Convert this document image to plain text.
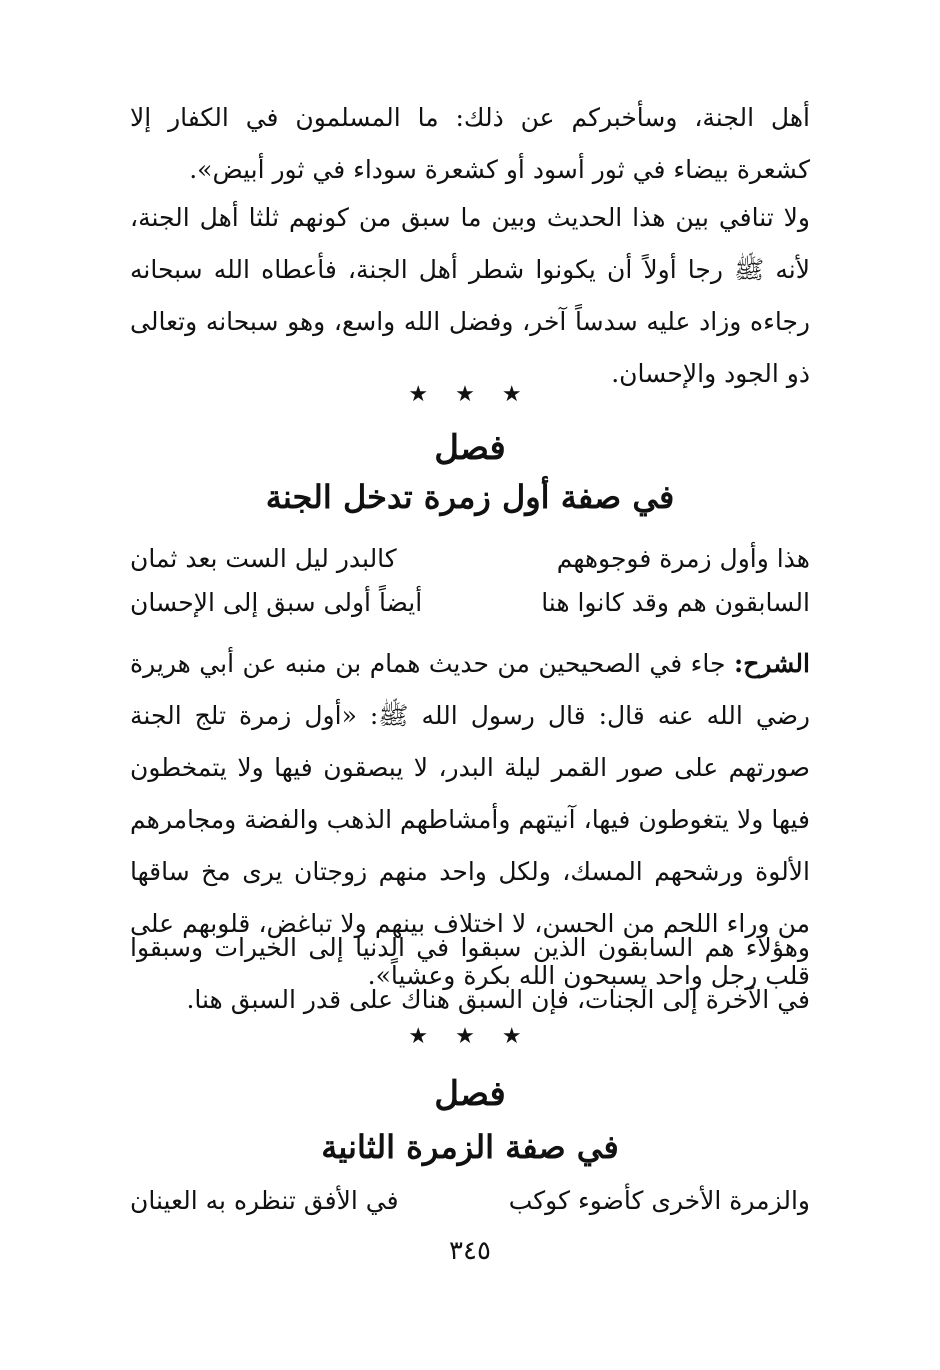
أهل الجنة، وسأخبركم عن ذلك: ما المسلمون في الكفار إلا كشعرة بيضاء في ثور أسود أو كشعرة سوداء في ثور أبيض».

ولا تنافي بين هذا الحديث وبين ما سبق من كونهم ثلثا أهل الجنة، لأنه ﷺ رجا أولاً أن يكونوا شطر أهل الجنة، فأعطاه الله سبحانه رجاءه وزاد عليه سدساً آخر، وفضل الله واسع، وهو سبحانه وتعالى ذو الجود والإحسان.

★ ★ ★

فصل
في صفة أول زمرة تدخل الجنة
هذا وأول زمرة فوجوههم
كالبدر ليل الست بعد ثمان
السابقون هم وقد كانوا هنا
أيضاً أولى سبق إلى الإحسان

الشرح: جاء في الصحيحين من حديث همام بن منبه عن أبي هريرة رضي الله عنه قال: قال رسول الله ﷺ: «أول زمرة تلج الجنة صورتهم على صور القمر ليلة البدر، لا يبصقون فيها ولا يتمخطون فيها ولا يتغوطون فيها، آنيتهم وأمشاطهم الذهب والفضة ومجامرهم الألوة ورشحهم المسك، ولكل واحد منهم زوجتان يرى مخ ساقها من وراء اللحم من الحسن، لا اختلاف بينهم ولا تباغض، قلوبهم على قلب رجل واحد يسبحون الله بكرة وعشياً».

وهؤلاء هم السابقون الذين سبقوا في الدنيا إلى الخيرات وسبقوا في الآخرة إلى الجنات، فإن السبق هناك على قدر السبق هنا.

★ ★ ★

فصل
في صفة الزمرة الثانية
والزمرة الأخرى كأضوء كوكب
في الأفق تنظره به العينان

٣٤٥
